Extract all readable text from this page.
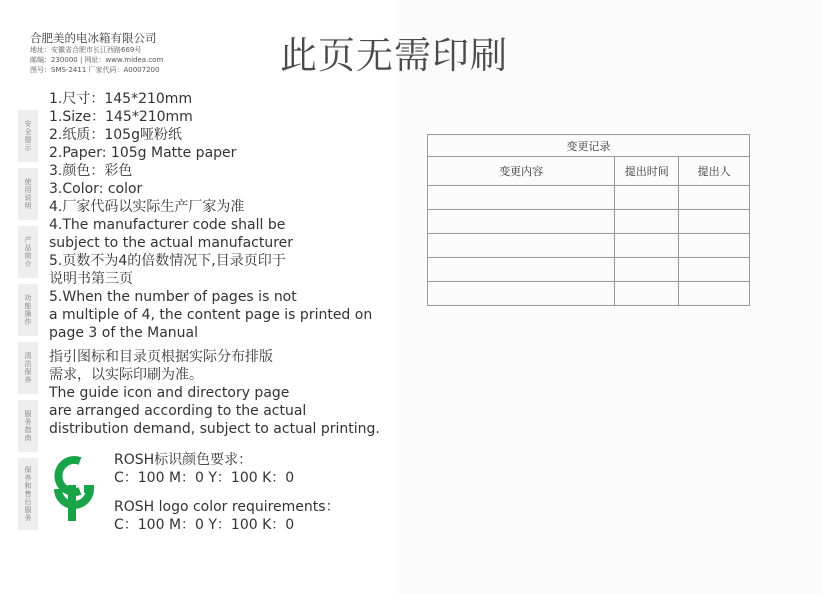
合肥美的电冰箱有限公司
地址：安徽省合肥市长江西路669号
邮编：230000 | 网址：www.midea.com
图号：SMS-2411 厂家代码：A0007200	此页无需印刷
安全提示
使用说明
产品简介
功能操作
清洁保养
服务指南
保养和售后服务
1.尺寸：145*210mm
1.Size：145*210mm
2.纸质：105g哑粉纸
2.Paper: 105g Matte paper
3.颜色：彩色
3.Color: color
4.厂家代码以实际生产厂家为准
4.The manufacturer code shall be
subject to the actual manufacturer
5.页数不为4的倍数情况下,目录页印于
说明书第三页
5.When the number of pages is not
a multiple of 4, the content page is printed on
page 3 of the Manual
指引图标和目录页根据实际分布排版
需求，以实际印刷为准。
The guide icon and directory page
are arranged according to the actual
distribution demand, subject to actual printing.
ROSH标识颜色要求：
C：100 M：0 Y：100 K：0
ROSH logo color requirements：
C：100 M：0 Y：100 K：0
变更记录		
变更内容	提出时间	提出人
